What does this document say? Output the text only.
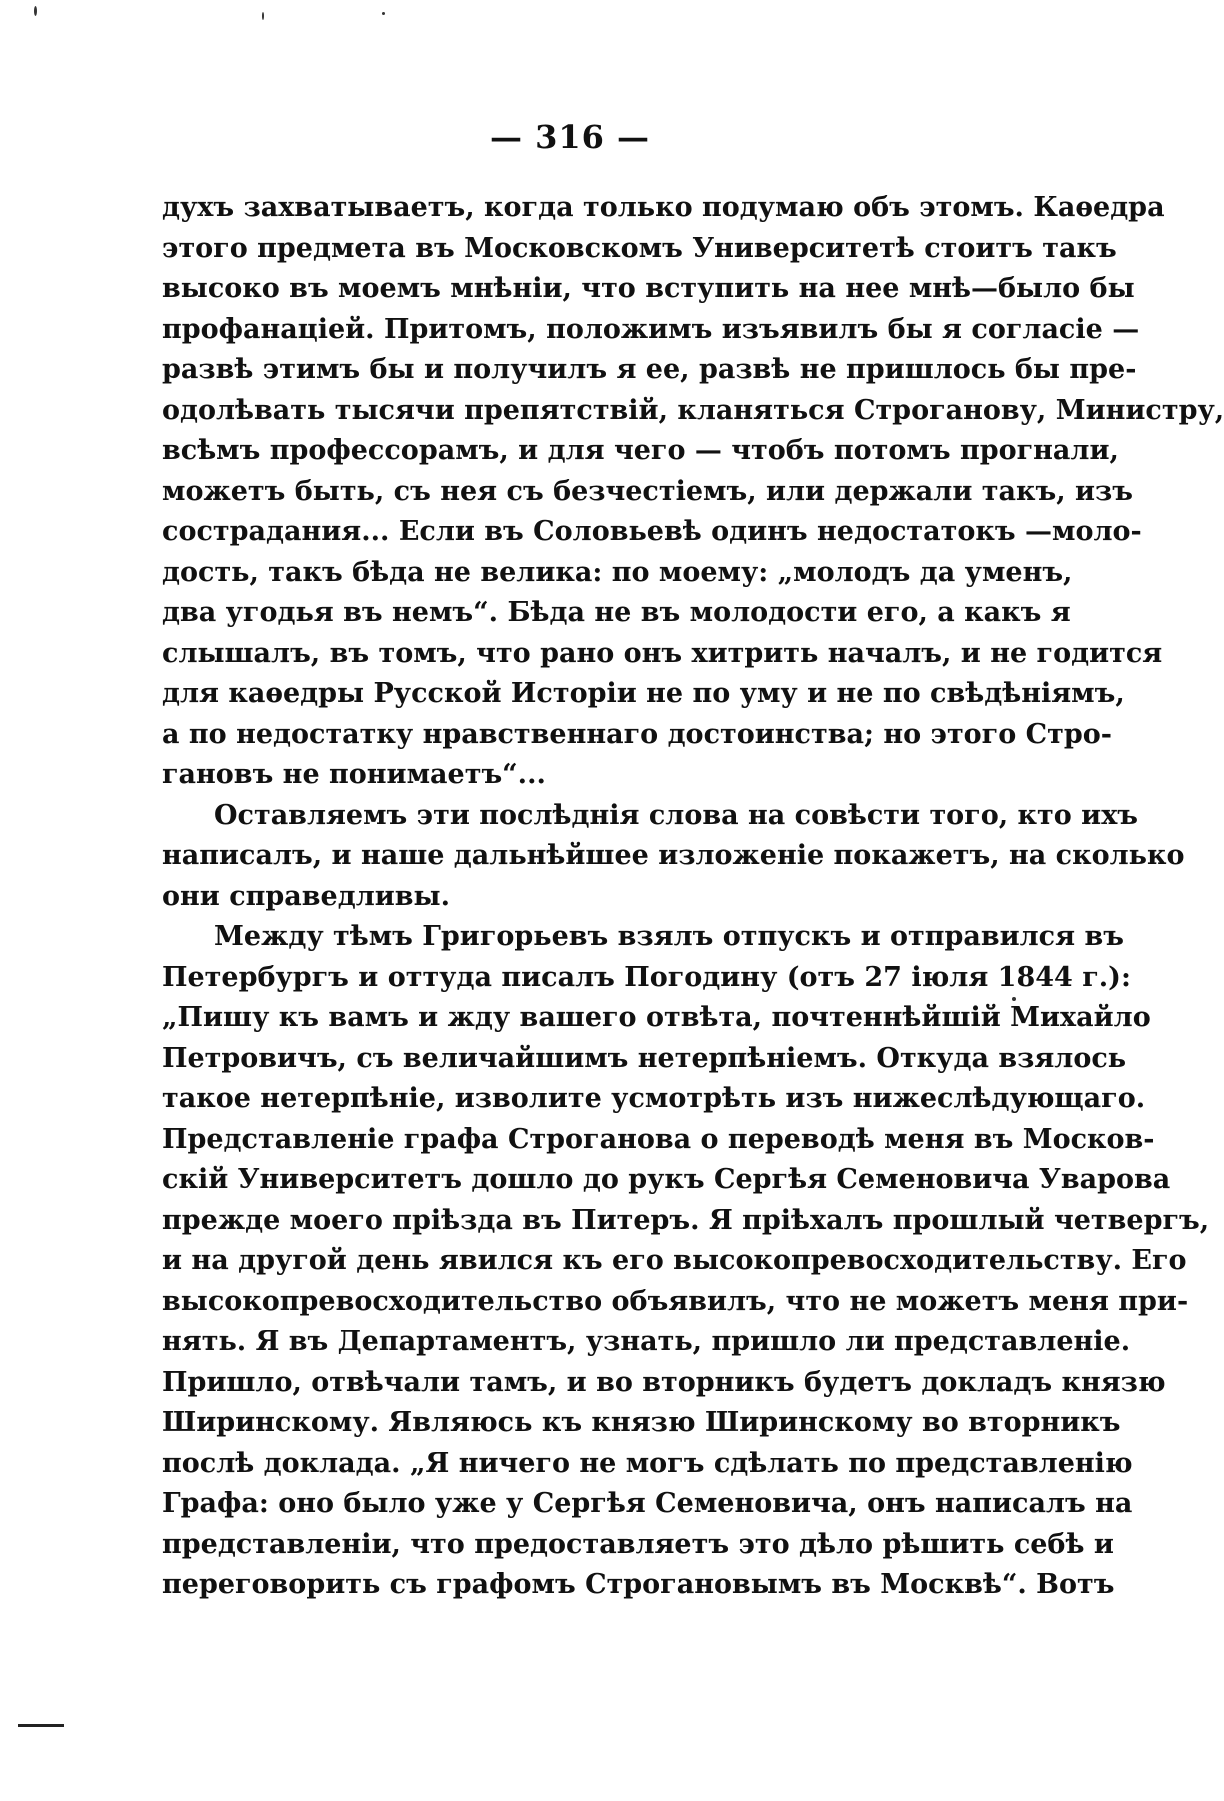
— 316 —
духъ захватываетъ, когда только подумаю объ этомъ. Каѳедра
этого предмета въ Московскомъ Университетѣ стоитъ такъ
высоко въ моемъ мнѣніи, что вступить на нее мнѣ—было бы
профанаціей. Притомъ, положимъ изъявилъ бы я согласіе —
развѣ этимъ бы и получилъ я ее, развѣ не пришлось бы пре-
одолѣвать тысячи препятствій, кланяться Строганову, Министру,
всѣмъ профессорамъ, и для чего — чтобъ потомъ прогнали,
можетъ быть, съ нея съ безчестіемъ, или держали такъ, изъ
сострадания... Если въ Соловьевѣ одинъ недостатокъ —моло-
дость, такъ бѣда не велика: по моему: „молодъ да уменъ,
два угодья въ немъ“. Бѣда не въ молодости его, а какъ я
слышалъ, въ томъ, что рано онъ хитрить началъ, и не годится
для каѳедры Русской Исторіи не по уму и не по свѣдѣніямъ,
а по недостатку нравственнаго достоинства; но этого Стро-
гановъ не понимаетъ“...
Оставляемъ эти послѣднія слова на совѣсти того, кто ихъ
написалъ, и наше дальнѣйшее изложеніе покажетъ, на сколько
они справедливы.
Между тѣмъ Григорьевъ взялъ отпускъ и отправился въ
Петербургъ и оттуда писалъ Погодину (отъ 27 іюля 1844 г.):
„Пишу къ вамъ и жду вашего отвѣта, почтеннѣйшій Михайло
Петровичъ, съ величайшимъ нетерпѣніемъ. Откуда взялось
такое нетерпѣніе, изволите усмотрѣть изъ нижеслѣдующаго.
Представленіе графа Строганова о переводѣ меня въ Москов-
скій Университетъ дошло до рукъ Сергѣя Семеновича Уварова
прежде моего пріѣзда въ Питеръ. Я пріѣхалъ прошлый четвергъ,
и на другой день явился къ его высокопревосходительству. Его
высокопревосходительство объявилъ, что не можетъ меня при-
нять. Я въ Департаментъ, узнать, пришло ли представленіе.
Пришло, отвѣчали тамъ, и во вторникъ будетъ докладъ князю
Ширинскому. Являюсь къ князю Ширинскому во вторникъ
послѣ доклада. „Я ничего не могъ сдѣлать по представленію
Графа: оно было уже у Сергѣя Семеновича, онъ написалъ на
представленіи, что предоставляетъ это дѣло рѣшить себѣ и
переговорить съ графомъ Строгановымъ въ Москвѣ“. Вотъ
